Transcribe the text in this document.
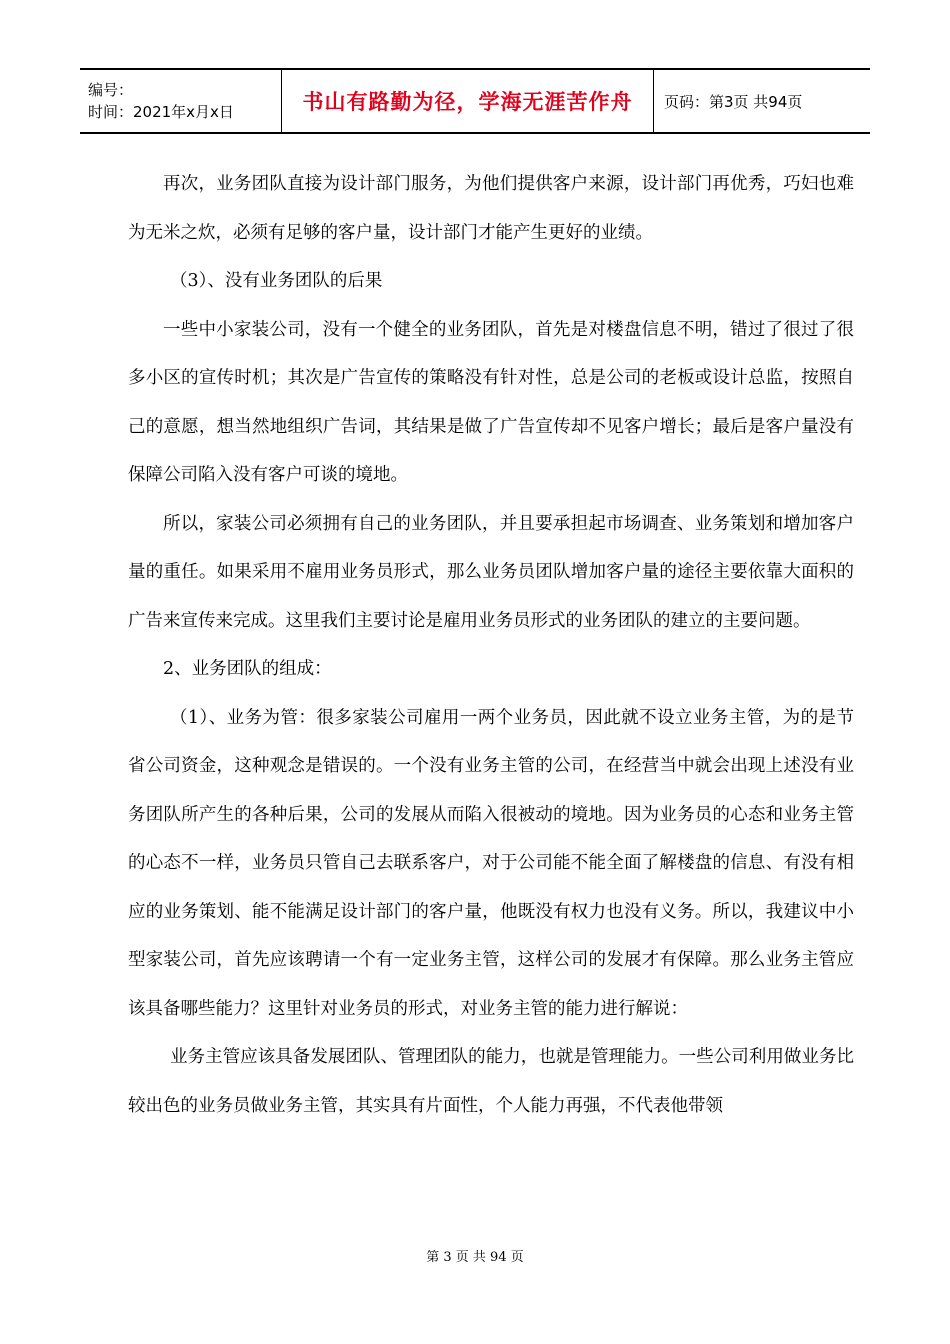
编号：
时间：2021年x月x日	书山有路勤为径，学海无涯苦作舟 页码：第3页 共94页

再次，业务团队直接为设计部门服务，为他们提供客户来源，设计部门再优秀，巧妇也难为无米之炊，必须有足够的客户量，设计部门才能产生更好的业绩。

（3）、没有业务团队的后果

一些中小家装公司，没有一个健全的业务团队，首先是对楼盘信息不明，错过了很过了很多小区的宣传时机；其次是广告宣传的策略没有针对性，总是公司的老板或设计总监，按照自己的意愿，想当然地组织广告词，其结果是做了广告宣传却不见客户增长；最后是客户量没有保障公司陷入没有客户可谈的境地。

所以，家装公司必须拥有自己的业务团队，并且要承担起市场调查、业务策划和增加客户量的重任。如果采用不雇用业务员形式，那么业务员团队增加客户量的途径主要依靠大面积的广告来宣传来完成。这里我们主要讨论是雇用业务员形式的业务团队的建立的主要问题。

2、业务团队的组成：

（1）、业务为管：很多家装公司雇用一两个业务员，因此就不设立业务主管，为的是节省公司资金，这种观念是错误的。一个没有业务主管的公司，在经营当中就会出现上述没有业务团队所产生的各种后果，公司的发展从而陷入很被动的境地。因为业务员的心态和业务主管的心态不一样，业务员只管自己去联系客户，对于公司能不能全面了解楼盘的信息、有没有相应的业务策划、能不能满足设计部门的客户量，他既没有权力也没有义务。所以，我建议中小型家装公司，首先应该聘请一个有一定业务主管，这样公司的发展才有保障。那么业务主管应该具备哪些能力？这里针对业务员的形式，对业务主管的能力进行解说：

业务主管应该具备发展团队、管理团队的能力，也就是管理能力。一些公司利用做业务比较出色的业务员做业务主管，其实具有片面性，个人能力再强，不代表他带领

第 3 页 共 94 页
